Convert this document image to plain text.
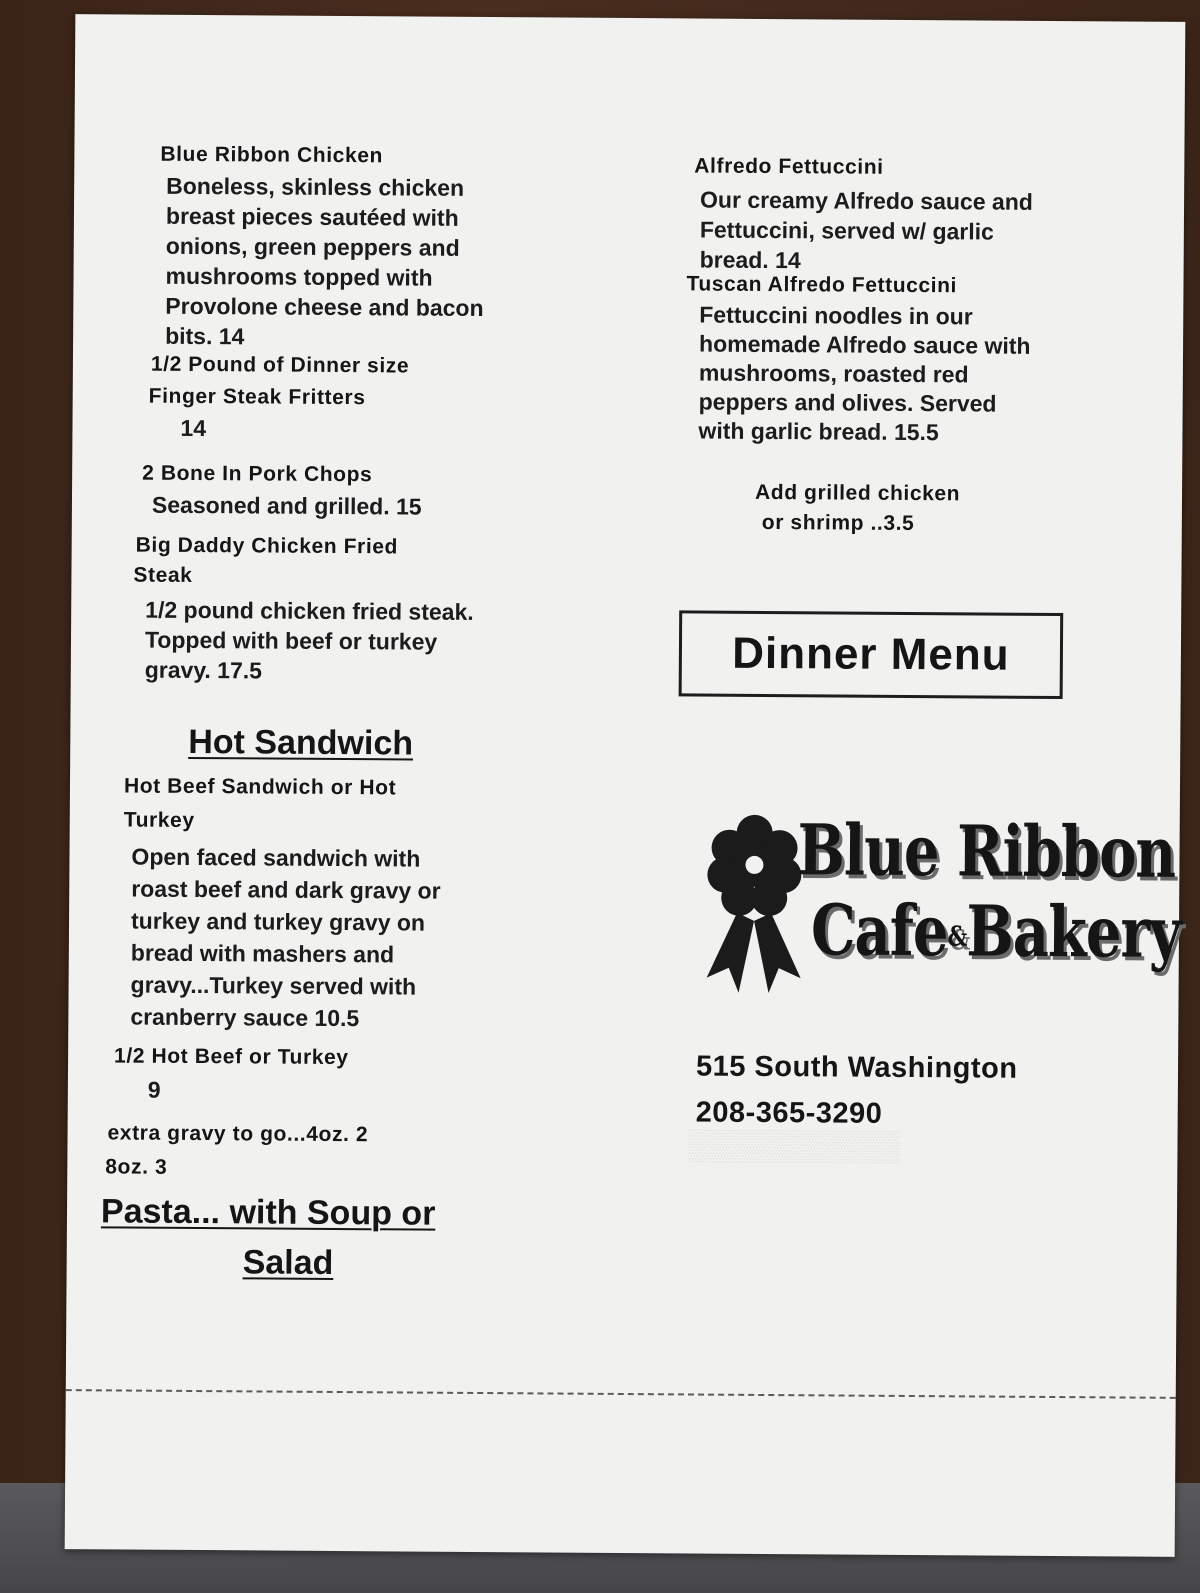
▒▒▒▒▒▒▒▒▒▒
Blue Ribbon Chicken
Boneless, skinless chicken
breast pieces sautéed with
onions, green peppers and
mushrooms topped with
Provolone cheese and bacon
bits. 14
1/2 Pound of Dinner size
Finger Steak Fritters
14
2 Bone In Pork Chops
Seasoned and grilled. 15
Big Daddy Chicken Fried
Steak
1/2 pound chicken fried steak.
Topped with beef or turkey
gravy. 17.5
Hot Sandwich
Hot Beef Sandwich or Hot
Turkey
Open faced sandwich with
roast beef and dark gravy or
turkey and turkey gravy on
bread with mashers and
gravy...Turkey served with
cranberry sauce 10.5
1/2 Hot Beef or Turkey
9
extra gravy to go...4oz. 2
8oz. 3
Pasta... with Soup or
Salad
Alfredo Fettuccini
Our creamy Alfredo sauce and
Fettuccini, served w/ garlic
bread. 14
Tuscan Alfredo Fettuccini
Fettuccini noodles in our
homemade Alfredo sauce with
mushrooms, roasted red
peppers and olives. Served
with garlic bread. 15.5
Add grilled chicken
or shrimp ..3.5
Dinner Menu
Blue Ribbon
Cafe&Bakery
515 South Washington
208-365-3290
